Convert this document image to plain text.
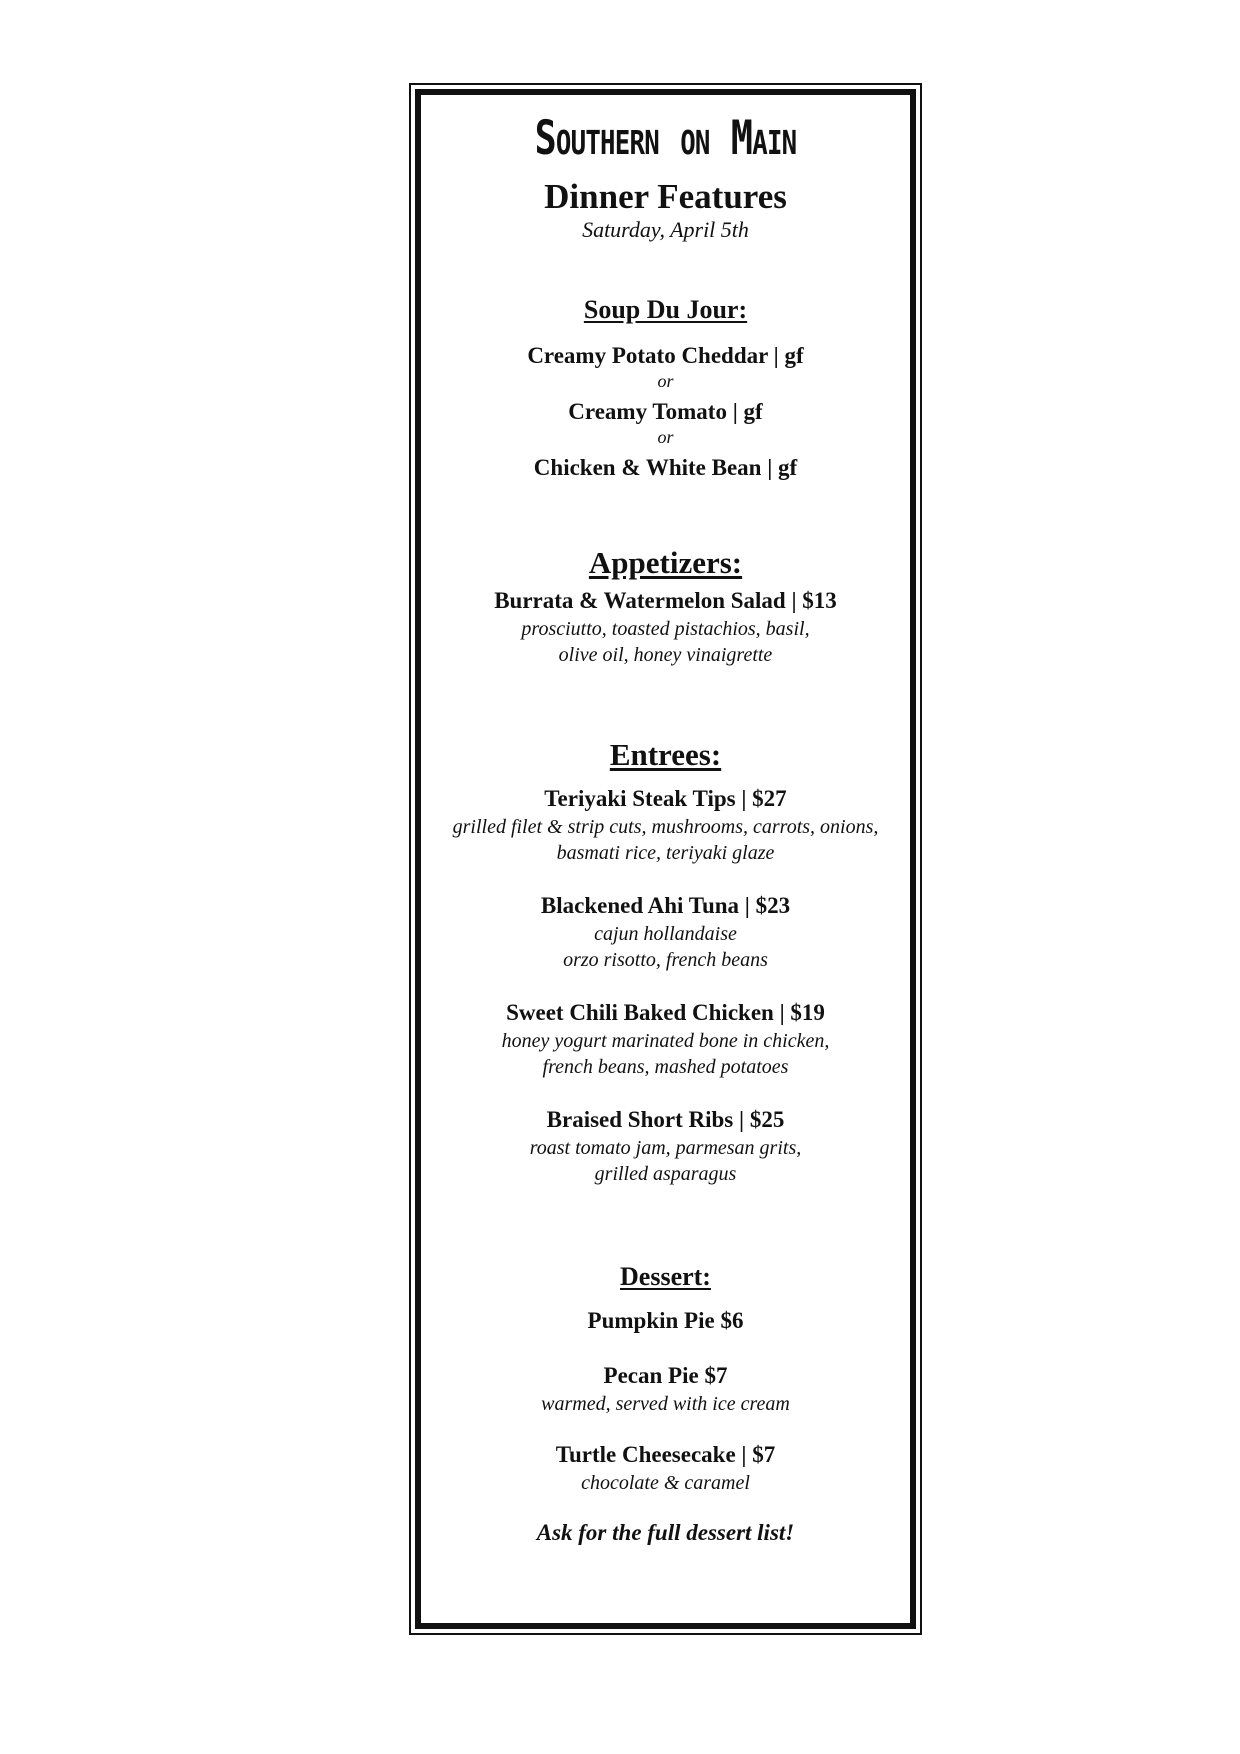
Southern on Main
Dinner Features
Saturday, April 5th
Soup Du Jour:
Creamy Potato Cheddar | gf
or
Creamy Tomato | gf
or
Chicken & White Bean | gf
Appetizers:
Burrata & Watermelon Salad | $13
prosciutto, toasted pistachios, basil,
olive oil, honey vinaigrette
Entrees:
Teriyaki Steak Tips | $27
grilled filet & strip cuts, mushrooms, carrots, onions,
basmati rice, teriyaki glaze
Blackened Ahi Tuna | $23
cajun hollandaise
orzo risotto, french beans
Sweet Chili Baked Chicken | $19
honey yogurt marinated bone in chicken,
french beans, mashed potatoes
Braised Short Ribs | $25
roast tomato jam, parmesan grits,
grilled asparagus
Dessert:
Pumpkin Pie $6
Pecan Pie $7
warmed, served with ice cream
Turtle Cheesecake | $7
chocolate & caramel
Ask for the full dessert list!
